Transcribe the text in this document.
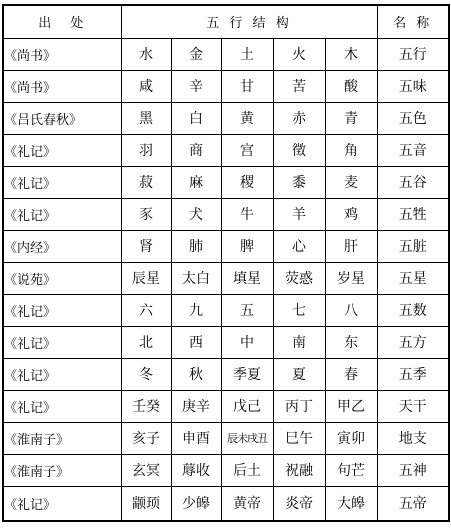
出　处	五 行 结 构					名 称
《尚书》	水	金	土	火	木	五行
《尚书》	咸	辛	甘	苦	酸	五味
《吕氏春秋》	黑	白	黄	赤	青	五色
《礼记》	羽	商	宫	徵	角	五音
《礼记》	菽	麻	稷	黍	麦	五谷
《礼记》	豕	犬	牛	羊	鸡	五牲
《内经》	肾	肺	脾	心	肝	五脏
《说苑》	辰星	太白	填星	荧惑	岁星	五星
《礼记》	六	九	五	七	八	五数
《礼记》	北	西	中	南	东	五方
《礼记》	冬	秋	季夏	夏	春	五季
《礼记》	壬癸	庚辛	戊己	丙丁	甲乙	天干
《淮南子》	亥子	申酉	辰未戌丑	巳午	寅卯	地支
《淮南子》	玄冥	蓐收	后土	祝融	句芒	五神
《礼记》	颛顼	少皞	黄帝	炎帝	大皞	五帝
